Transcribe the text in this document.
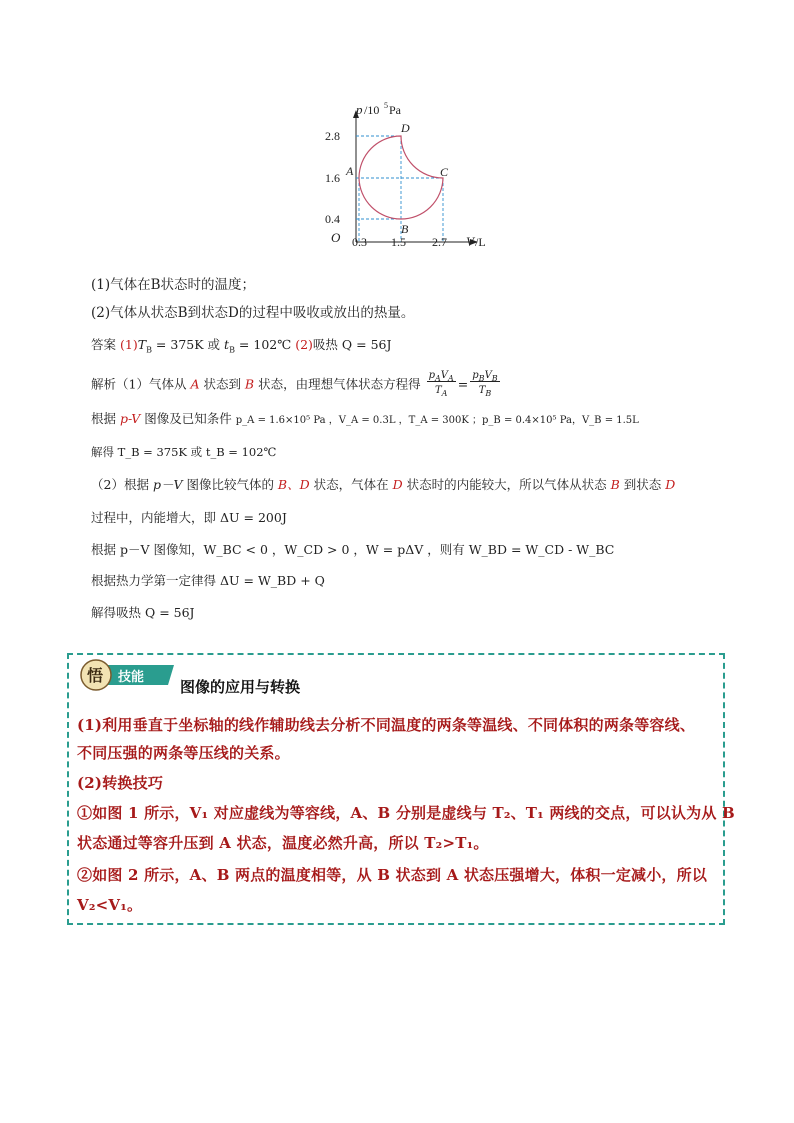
p /10 5 Pa
2.8
1.6
0.4
O 0.3 1.5 2.7 V /L
A
B
C
D
(1)气体在B状态时的温度；
(2)气体从状态B到状态D的过程中吸收或放出的热量。
答案 $(1)T_B = 375K$ 或 $t_B$ = 102℃ (2)吸热 Q = 56J
解析（1）气体从 A 状态到 B 状态，由理想气体状态方程得 $\frac{p_AV_A}{T_A} = \frac{p_BV_B}{T_B}$
根据 p-V 图像及已知条件 p_A = 1.6×10⁵ Pa ，V_A = 0.3L ，T_A = 300K ；p_B = 0.4×10⁵ Pa，V_B = 1.5L
解得 T_B = 375K 或 t_B = 102℃
（2）根据 p－V 图像比较气体的 B、D 状态，气体在 D 状态时的内能较大，所以气体从状态 B 到状态 D
过程中，内能增大，即 ΔU = 200J
根据 p－V 图像知，W_BC < 0 ，W_CD > 0 ，W = pΔV ，则有 W_BD = W_CD - W_BC
根据热力学第一定律得 ΔU = W_BD + Q
解得吸热 Q = 56J
悟 技能
图像的应用与转换
(1)利用垂直于坐标轴的线作辅助线去分析不同温度的两条等温线、不同体积的两条等容线、
不同压强的两条等压线的关系。
(2)转换技巧
①如图 1 所示，V₁ 对应虚线为等容线，A、B 分别是虚线与 T₂、T₁ 两线的交点，可以认为从 B
状态通过等容升压到 A 状态，温度必然升高，所以 T₂>T₁。
②如图 2 所示，A、B 两点的温度相等，从 B 状态到 A 状态压强增大，体积一定减小，所以
V₂<V₁。
